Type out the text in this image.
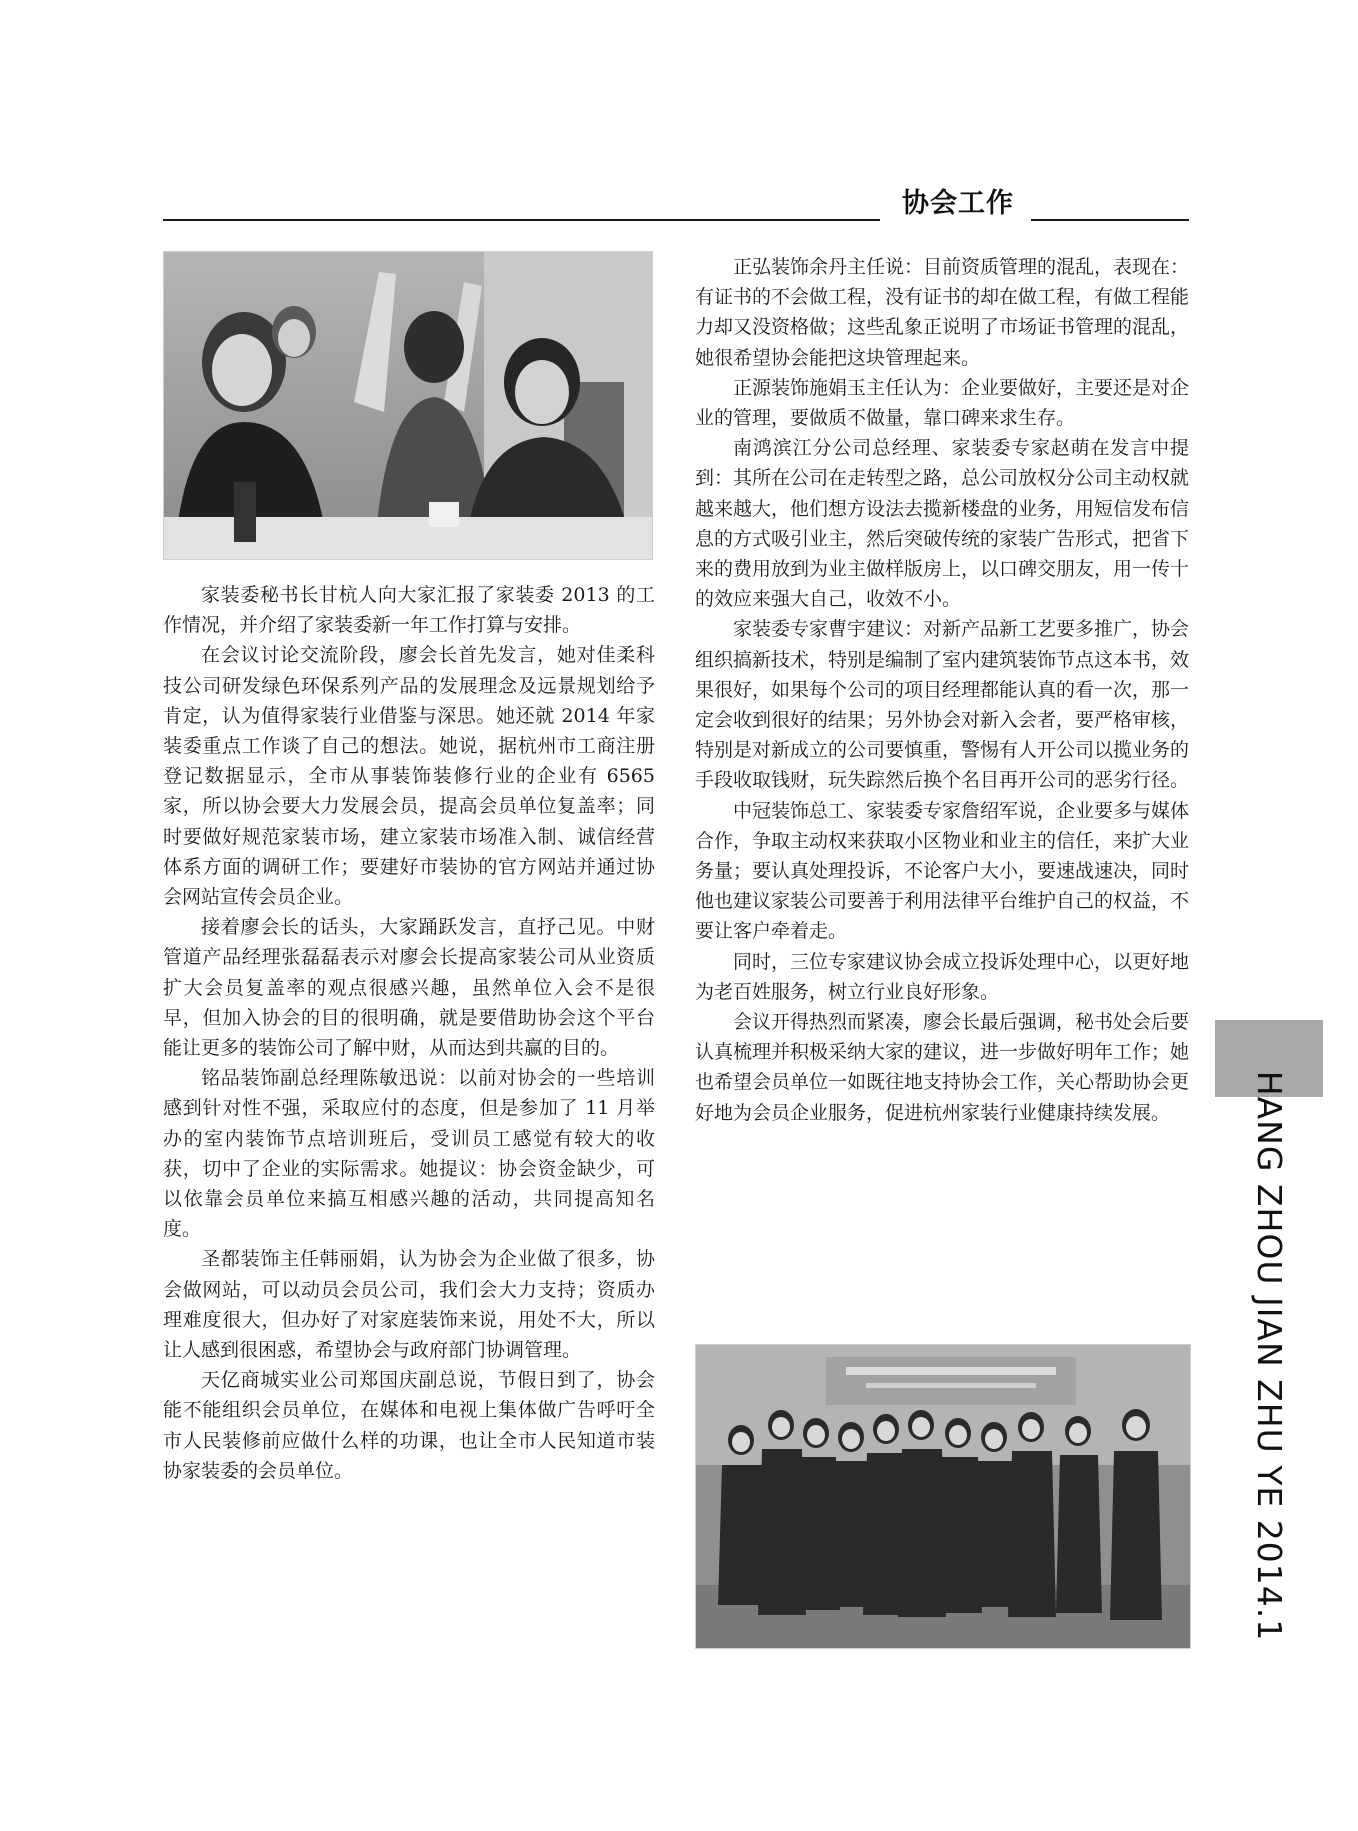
协会工作

家装委秘书长甘杭人向大家汇报了家装委 2013 的工作情况，并介绍了家装委新一年工作打算与安排。

在会议讨论交流阶段，廖会长首先发言，她对佳柔科技公司研发绿色环保系列产品的发展理念及远景规划给予肯定，认为值得家装行业借鉴与深思。她还就 2014 年家装委重点工作谈了自己的想法。她说，据杭州市工商注册登记数据显示，全市从事装饰装修行业的企业有 6565 家，所以协会要大力发展会员，提高会员单位复盖率；同时要做好规范家装市场，建立家装市场准入制、诚信经营体系方面的调研工作；要建好市装协的官方网站并通过协会网站宣传会员企业。

接着廖会长的话头，大家踊跃发言，直抒己见。中财管道产品经理张磊磊表示对廖会长提高家装公司从业资质扩大会员复盖率的观点很感兴趣，虽然单位入会不是很早，但加入协会的目的很明确，就是要借助协会这个平台能让更多的装饰公司了解中财，从而达到共赢的目的。

铭品装饰副总经理陈敏迅说：以前对协会的一些培训感到针对性不强，采取应付的态度，但是参加了 11 月举办的室内装饰节点培训班后，受训员工感觉有较大的收获，切中了企业的实际需求。她提议：协会资金缺少，可以依靠会员单位来搞互相感兴趣的活动，共同提高知名度。

圣都装饰主任韩丽娟，认为协会为企业做了很多，协会做网站，可以动员会员公司，我们会大力支持；资质办理难度很大，但办好了对家庭装饰来说，用处不大，所以让人感到很困惑，希望协会与政府部门协调管理。

天亿商城实业公司郑国庆副总说，节假日到了，协会能不能组织会员单位，在媒体和电视上集体做广告呼吁全市人民装修前应做什么样的功课，也让全市人民知道市装协家装委的会员单位。

正弘装饰余丹主任说：目前资质管理的混乱，表现在：有证书的不会做工程，没有证书的却在做工程，有做工程能力却又没资格做；这些乱象正说明了市场证书管理的混乱，她很希望协会能把这块管理起来。

正源装饰施娟玉主任认为：企业要做好，主要还是对企业的管理，要做质不做量，靠口碑来求生存。

南鸿滨江分公司总经理、家装委专家赵萌在发言中提到：其所在公司在走转型之路，总公司放权分公司主动权就越来越大，他们想方设法去揽新楼盘的业务，用短信发布信息的方式吸引业主，然后突破传统的家装广告形式，把省下来的费用放到为业主做样版房上，以口碑交朋友，用一传十的效应来强大自己，收效不小。

家装委专家曹宇建议：对新产品新工艺要多推广，协会组织搞新技术，特别是编制了室内建筑装饰节点这本书，效果很好，如果每个公司的项目经理都能认真的看一次，那一定会收到很好的结果；另外协会对新入会者，要严格审核，特别是对新成立的公司要慎重，警惕有人开公司以揽业务的手段收取钱财，玩失踪然后换个名目再开公司的恶劣行径。

中冠装饰总工、家装委专家詹绍军说，企业要多与媒体合作，争取主动权来获取小区物业和业主的信任，来扩大业务量；要认真处理投诉，不论客户大小，要速战速决，同时他也建议家装公司要善于利用法律平台维护自己的权益，不要让客户牵着走。

同时，三位专家建议协会成立投诉处理中心，以更好地为老百姓服务，树立行业良好形象。

会议开得热烈而紧凑，廖会长最后强调，秘书处会后要认真梳理并积极采纳大家的建议，进一步做好明年工作；她也希望会员单位一如既往地支持协会工作，关心帮助协会更好地为会员企业服务，促进杭州家装行业健康持续发展。	HANG ZHOU JIAN ZHU YE 2014.1
